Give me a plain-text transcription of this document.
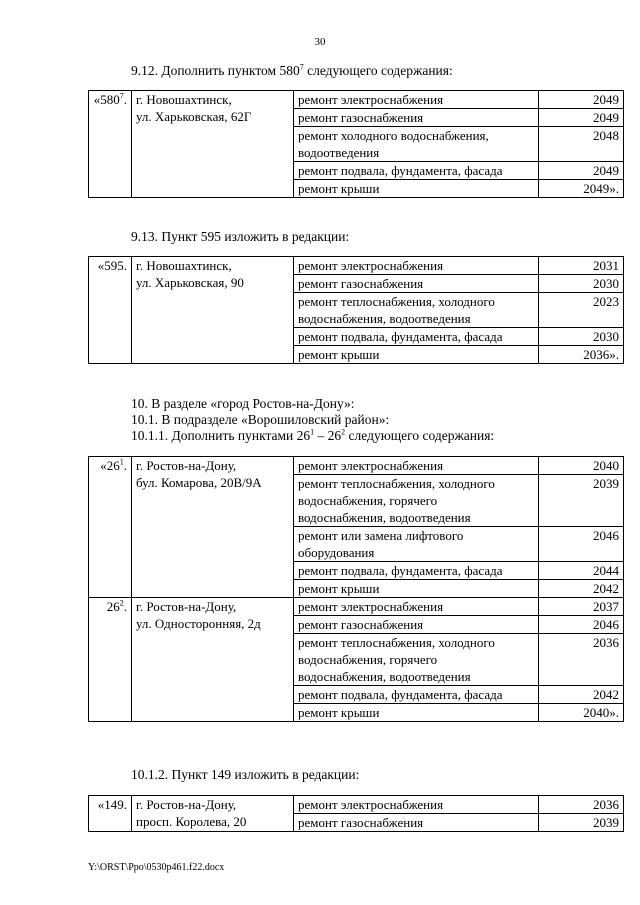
30
9.12. Дополнить пунктом $580^7$ следующего содержания:
«$580^7$.	г. Новошахтинск,
ул. Харьковская, 62Г	ремонт электроснабжения	2049
		ремонт газоснабжения	2049
		ремонт холодного водоснабжения,
водоотведения	2048
		ремонт подвала, фундамента, фасада	2049
		ремонт крыши	2049».
9.13. Пункт 595 изложить в редакции:
«595.	г. Новошахтинск,
ул. Харьковская, 90	ремонт электроснабжения	2031
		ремонт газоснабжения	2030
		ремонт теплоснабжения, холодного
водоснабжения, водоотведения	2023
		ремонт подвала, фундамента, фасада	2030
		ремонт крыши	2036».
10. В разделе «город Ростов-на-Дону»:
10.1. В подразделе «Ворошиловский район»:
10.1.1. Дополнить пунктами $26^1 - 26^2$ следующего содержания:
«$26^1$.	г. Ростов-на-Дону,
бул. Комарова, 20В/9А	ремонт электроснабжения	2040
		ремонт теплоснабжения, холодного
водоснабжения, горячего
водоснабжения, водоотведения	2039
		ремонт или замена лифтового
оборудования	2046
		ремонт подвала, фундамента, фасада	2044
		ремонт крыши	2042
$26^2$.	г. Ростов-на-Дону,
ул. Односторонняя, 2д	ремонт электроснабжения	2037
		ремонт газоснабжения	2046
		ремонт теплоснабжения, холодного
водоснабжения, горячего
водоснабжения, водоотведения	2036
		ремонт подвала, фундамента, фасада	2042
		ремонт крыши	2040».
10.1.2. Пункт 149 изложить в редакции:
«149.	г. Ростов-на-Дону,
просп. Королева, 20	ремонт электроснабжения	2036
		ремонт газоснабжения	2039
Y:\ORST\Ppo\0530p461.f22.docx
